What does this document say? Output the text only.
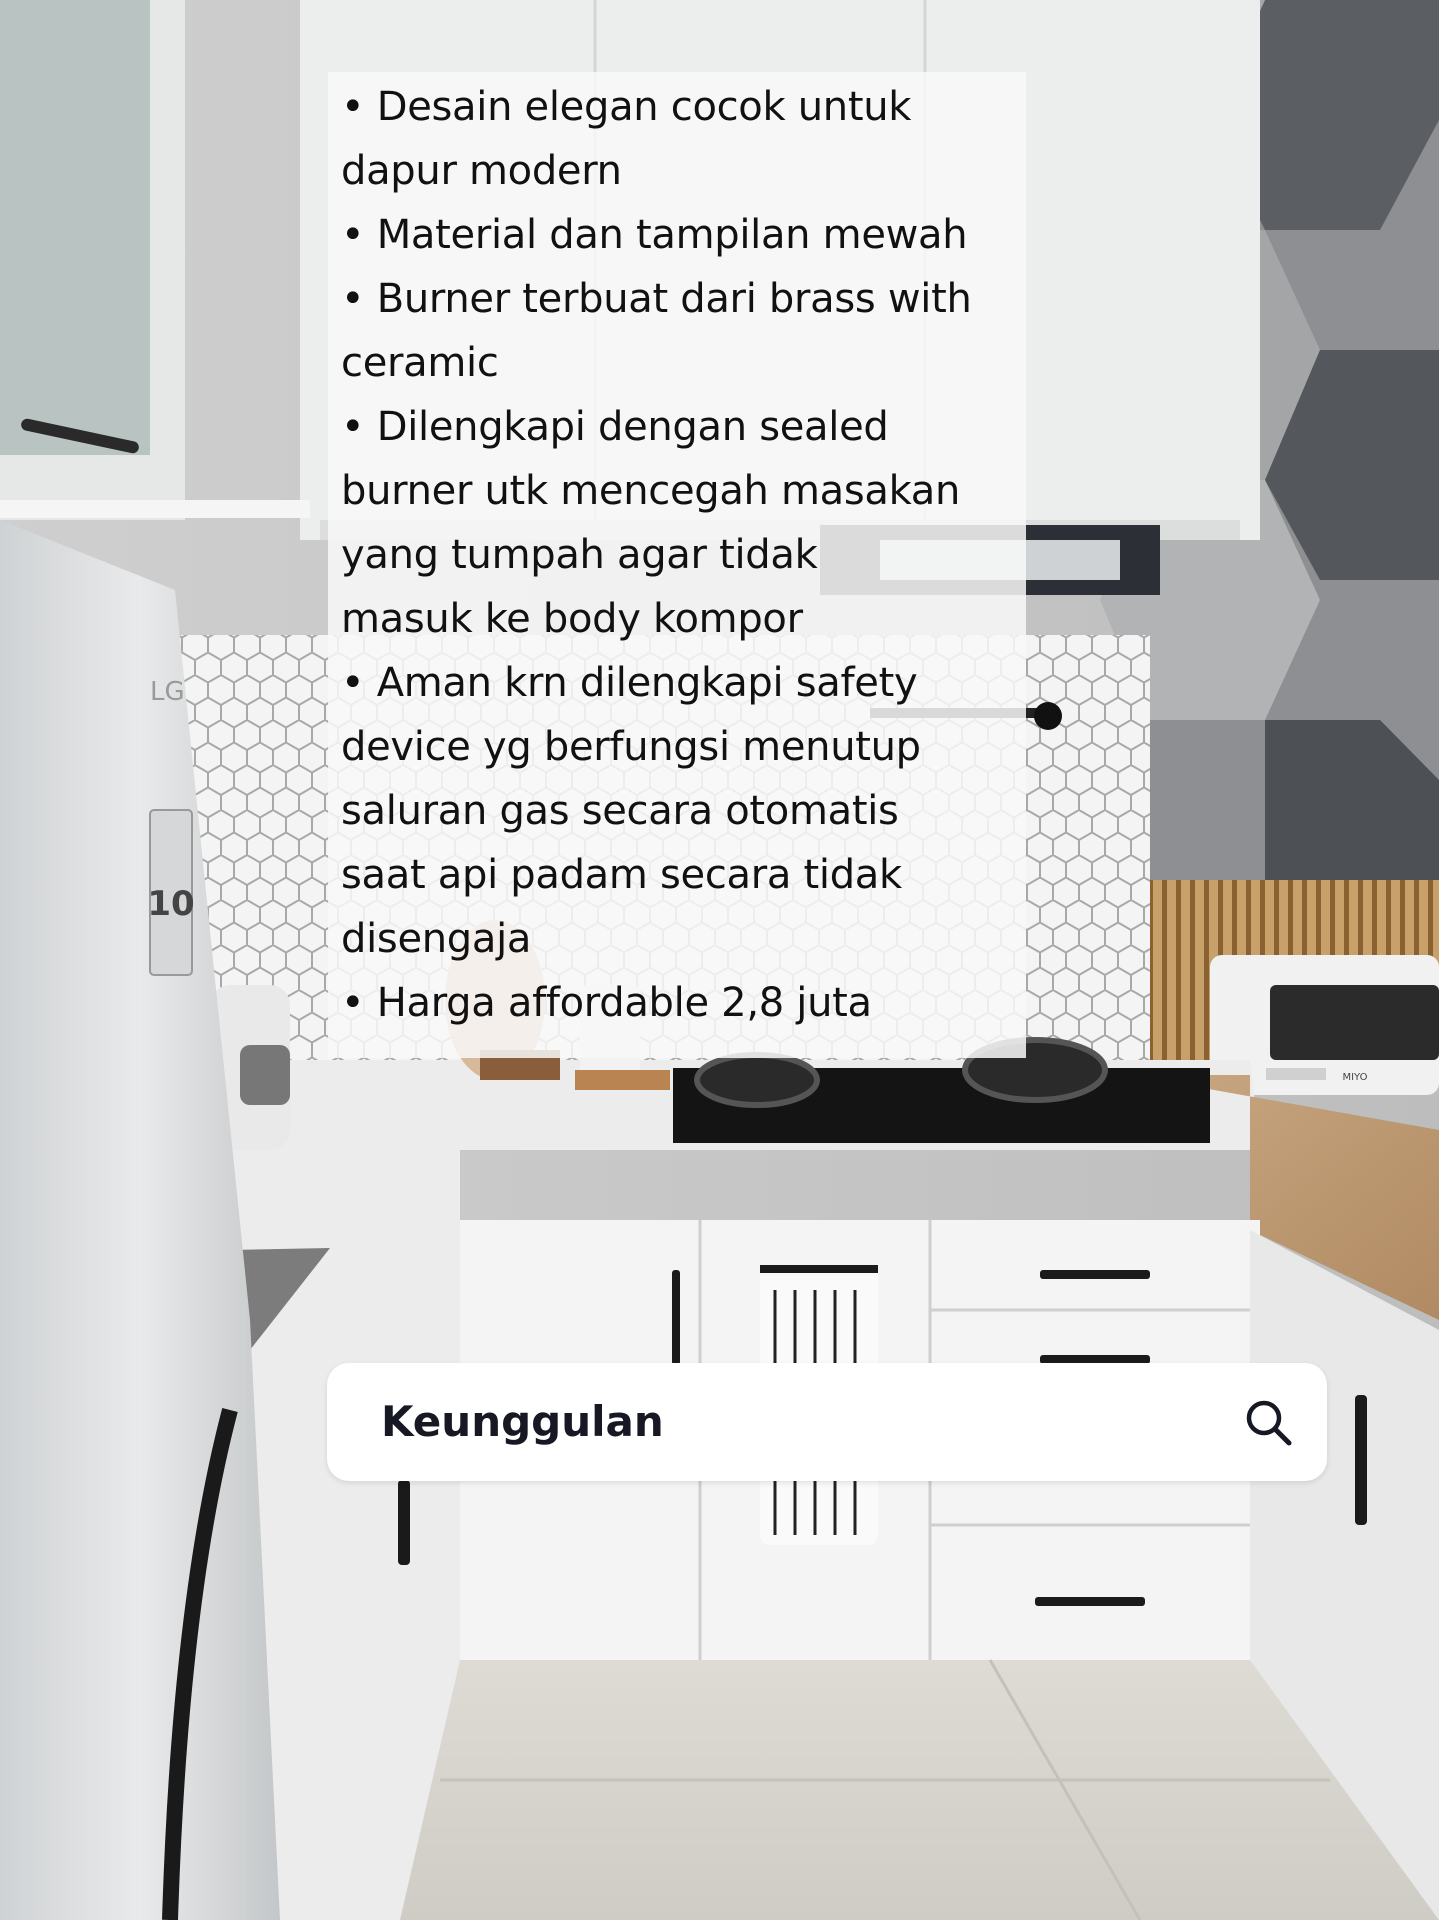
10
LG
MIYO
• Desain elegan cocok untuk
dapur modern
• Material dan tampilan mewah
• Burner terbuat dari brass with
ceramic
• Dilengkapi dengan sealed
burner utk mencegah masakan
yang tumpah agar tidak
masuk ke body kompor
• Aman krn dilengkapi safety
device yg berfungsi menutup
saluran gas secara otomatis
saat api padam secara tidak
disengaja
• Harga affordable 2,8 juta
Keunggulan
